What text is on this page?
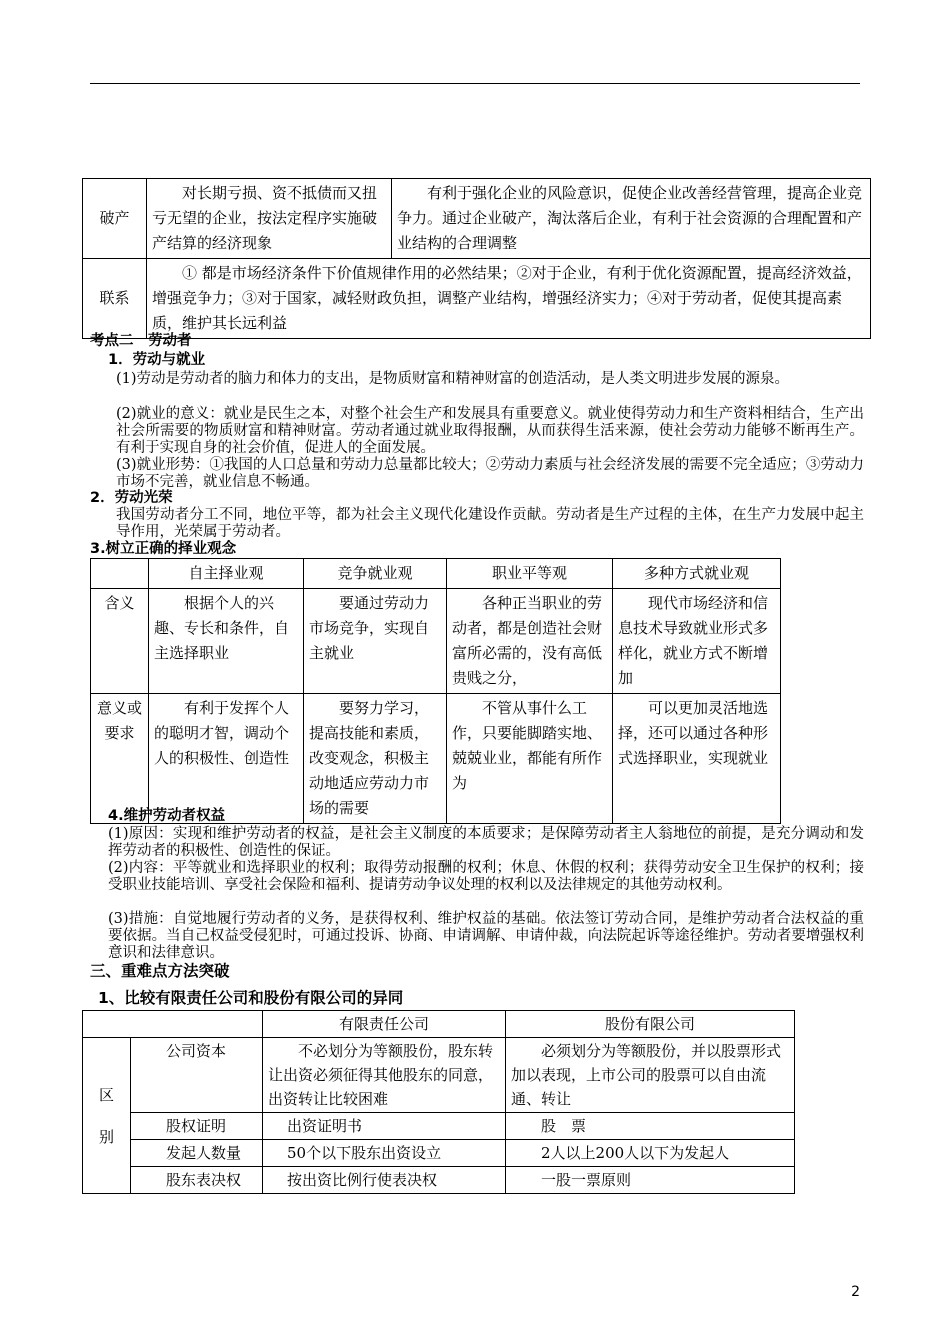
破产	对长期亏损、资不抵债而又扭亏无望的企业，按法定程序实施破产结算的经济现象	有利于强化企业的风险意识，促使企业改善经营管理，提高企业竞争力。通过企业破产，淘汰落后企业，有利于社会资源的合理配置和产业结构的合理调整
联系	① 都是市场经济条件下价值规律作用的必然结果；②对于企业，有利于优化资源配置，提高经济效益，增强竞争力；③对于国家，减轻财政负担，调整产业结构，增强经济实力；④对于劳动者，促使其提高素质，维护其长远利益	
考点二　劳动者
1．劳动与就业
(1)劳动是劳动者的脑力和体力的支出，是物质财富和精神财富的创造活动，是人类文明进步发展的源泉。
(2)就业的意义：就业是民生之本，对整个社会生产和发展具有重要意义。就业使得劳动力和生产资料相结合，生产出社会所需要的物质财富和精神财富。劳动者通过就业取得报酬，从而获得生活来源，使社会劳动力能够不断再生产。有利于实现自身的社会价值，促进人的全面发展。
(3)就业形势：①我国的人口总量和劳动力总量都比较大；②劳动力素质与社会经济发展的需要不完全适应；③劳动力市场不完善，就业信息不畅通。
2．劳动光荣
我国劳动者分工不同，地位平等，都为社会主义现代化建设作贡献。劳动者是生产过程的主体，在生产力发展中起主导作用，光荣属于劳动者。
3.树立正确的择业观念
	自主择业观	竞争就业观	职业平等观	多种方式就业观
含义	根据个人的兴趣、专长和条件，自主选择职业	要通过劳动力市场竞争，实现自主就业	各种正当职业的劳动者，都是创造社会财富所必需的，没有高低贵贱之分，	现代市场经济和信息技术导致就业形式多样化，就业方式不断增加
意义或要求	有利于发挥个人的聪明才智，调动个人的积极性、创造性	要努力学习，提高技能和素质，改变观念，积极主动地适应劳动力市场的需要	不管从事什么工作，只要能脚踏实地、兢兢业业，都能有所作为	可以更加灵活地选择，还可以通过各种形式选择职业，实现就业
4.维护劳动者权益
(1)原因：实现和维护劳动者的权益，是社会主义制度的本质要求；是保障劳动者主人翁地位的前提，是充分调动和发挥劳动者的积极性、创造性的保证。
(2)内容：平等就业和选择职业的权利；取得劳动报酬的权利；休息、休假的权利；获得劳动安全卫生保护的权利；接受职业技能培训、享受社会保险和福利、提请劳动争议处理的权利以及法律规定的其他劳动权利。
(3)措施：自觉地履行劳动者的义务，是获得权利、维护权益的基础。依法签订劳动合同，是维护劳动者合法权益的重要依据。当自己权益受侵犯时，可通过投诉、协商、申请调解、申请仲裁，向法院起诉等途径维护。劳动者要增强权利意识和法律意识。
三、重难点方法突破
1、比较有限责任公司和股份有限公司的异同
		有限责任公司	股份有限公司

区　别	公司资本	不必划分为等额股份，股东转让出资必须征得其他股东的同意，出资转让比较困难	必须划分为等额股份，并以股票形式加以表现，上市公司的股票可以自由流通、转让
	股权证明	出资证明书	股　票
	发起人数量	50个以下股东出资设立	2人以上200人以下为发起人
	股东表决权	按出资比例行使表决权	一股一票原则
2
